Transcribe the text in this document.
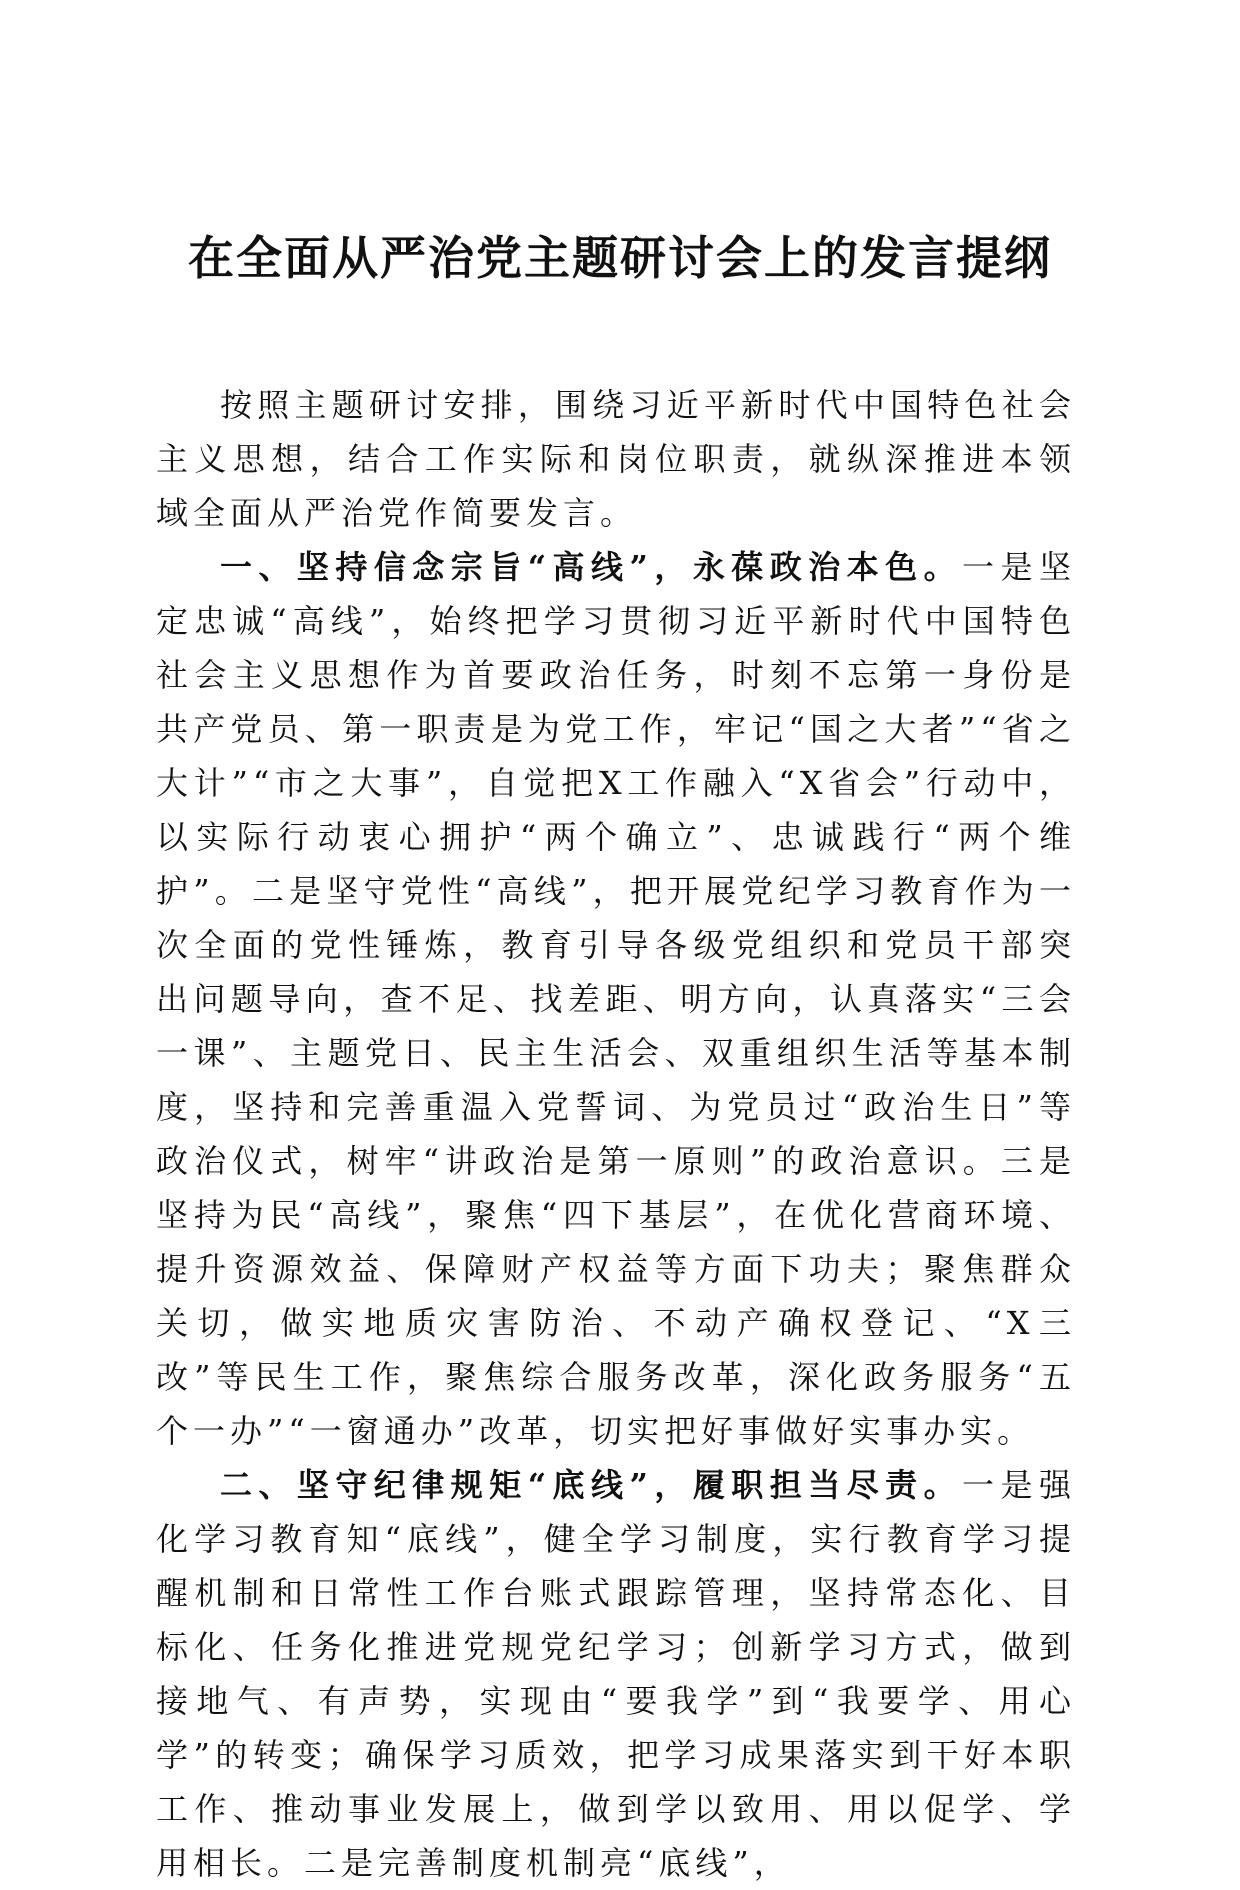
在全面从严治党主题研讨会上的发言提纲

按照主题研讨安排，围绕习近平新时代中国特色社会主义思想，结合工作实际和岗位职责，就纵深推进本领域全面从严治党作简要发言。

一、坚持信念宗旨“高线”，永葆政治本色。一是坚定忠诚“高线”，始终把学习贯彻习近平新时代中国特色社会主义思想作为首要政治任务，时刻不忘第一身份是共产党员、第一职责是为党工作，牢记“国之大者”“省之大计”“市之大事”，自觉把X工作融入“X省会”行动中，以实际行动衷心拥护“两个确立”、忠诚践行“两个维护”。二是坚守党性“高线”，把开展党纪学习教育作为一次全面的党性锤炼，教育引导各级党组织和党员干部突出问题导向，查不足、找差距、明方向，认真落实“三会一课”、主题党日、民主生活会、双重组织生活等基本制度，坚持和完善重温入党誓词、为党员过“政治生日”等政治仪式，树牢“讲政治是第一原则”的政治意识。三是坚持为民“高线”，聚焦“四下基层”，在优化营商环境、提升资源效益、保障财产权益等方面下功夫；聚焦群众关切，做实地质灾害防治、不动产确权登记、“X三改”等民生工作，聚焦综合服务改革，深化政务服务“五个一办”“一窗通办”改革，切实把好事做好实事办实。

二、坚守纪律规矩“底线”，履职担当尽责。一是强化学习教育知“底线”，健全学习制度，实行教育学习提醒机制和日常性工作台账式跟踪管理，坚持常态化、目标化、任务化推进党规党纪学习；创新学习方式，做到接地气、有声势，实现由“要我学”到“我要学、用心学”的转变；确保学习质效，把学习成果落实到干好本职工作、推动事业发展上，做到学以致用、用以促学、学用相长。二是完善制度机制亮“底线”，
